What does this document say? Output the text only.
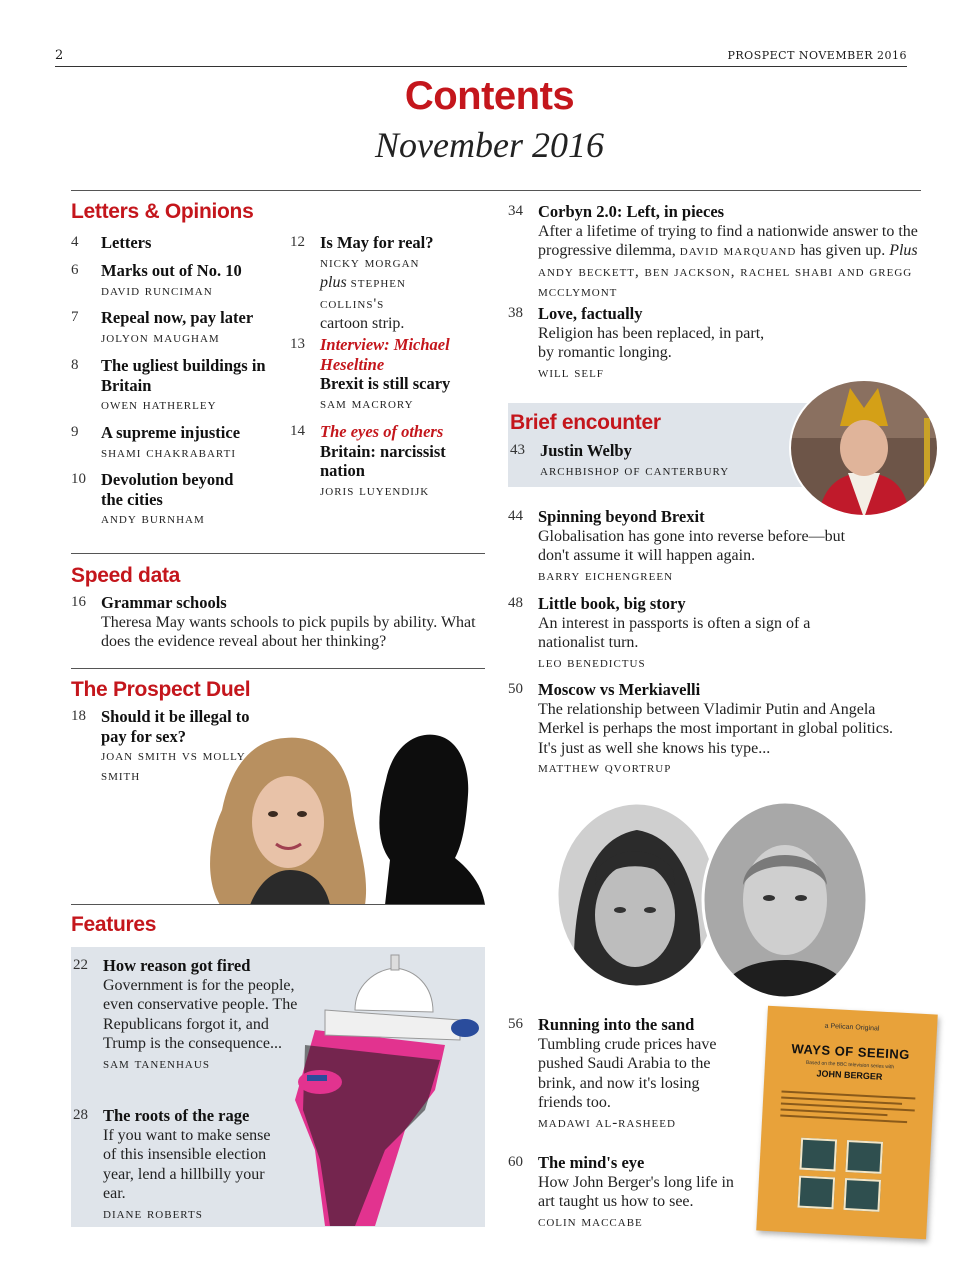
2	PROSPECT NOVEMBER 2016
Contents
November 2016
Letters & Opinions
4 Letters
6 Marks out of No. 10
david runciman
7 Repeal now, pay later
jolyon maugham
8 The ugliest buildings in Britain
owen hatherley
9 A supreme injustice
shami chakrabarti
10 Devolution beyond the cities
andy burnham
12 Is May for real?
nicky morgan
plus stephen collins's
cartoon strip.
13 Interview: Michael Heseltine
Brexit is still scary
sam macrory
14 The eyes of others
Britain: narcissist nation
joris luyendijk
Speed data
16 Grammar schools
Theresa May wants schools to pick pupils by ability. What does the evidence reveal about her thinking?
The Prospect Duel
18 Should it be illegal to pay for sex?
joan smith vs molly smith
Features
22 How reason got fired
Government is for the people, even conservative people. The Republicans forgot it, and Trump is the consequence...
sam tanenhaus
28 The roots of the rage
If you want to make sense of this insensible election year, lend a hillbilly your ear.
diane roberts
34 Corbyn 2.0: Left, in pieces
After a lifetime of trying to find a nationwide answer to the progressive dilemma, david marquand has given up. Plus andy beckett, ben jackson, rachel shabi and gregg mcclymont
38 Love, factually
Religion has been replaced, in part, by romantic longing.
will self
Brief encounter
43 Justin Welby
archbishop of canterbury
44 Spinning beyond Brexit
Globalisation has gone into reverse before—but don't assume it will happen again.
barry eichengreen
48 Little book, big story
An interest in passports is often a sign of a nationalist turn.
leo benedictus
50 Moscow vs Merkiavelli
The relationship between Vladimir Putin and Angela Merkel is perhaps the most important in global politics. It's just as well she knows his type...
matthew qvortrup
56 Running into the sand
Tumbling crude prices have pushed Saudi Arabia to the brink, and now it's losing friends too.
madawi al-rasheed
60 The mind's eye
How John Berger's long life in art taught us how to see.
colin maccabe
a Pelican Original
WAYS OF SEEING
Based on the BBC television series with
JOHN BERGER
